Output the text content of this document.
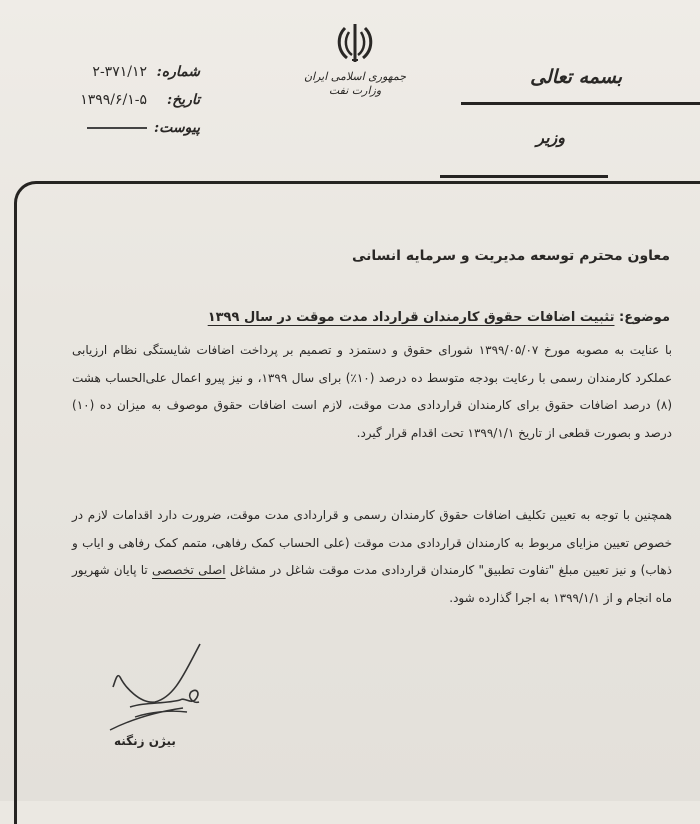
بسمه تعالی
وزیر
جمهوری اسلامی ایران
وزارت نفت
شماره:
۲-۳۷۱/۱۲
تاریخ:
۱۳۹۹/۶/۱-۵
پیوست:
معاون محترم توسعه مدیریت و سرمایه انسانی
موضوع: تثبیت اضافات حقوق کارمندان قرارداد مدت موقت در سال ۱۳۹۹
با عنایت به مصوبه مورخ ۱۳۹۹/۰۵/۰۷ شورای حقوق و دستمزد و تصمیم بر پرداخت اضافات شایستگی نظام ارزیابی عملکرد کارمندان رسمی با رعایت بودجه متوسط ده درصد (۱۰٪) برای سال ۱۳۹۹، و نیز پیرو اعمال علی‌الحساب هشت (۸) درصد اضافات حقوق برای کارمندان قراردادی مدت موقت، لازم است اضافات حقوق موصوف به میزان ده (۱۰) درصد و بصورت قطعی از تاریخ ۱۳۹۹/۱/۱ تحت اقدام قرار گیرد.
همچنین با توجه به تعیین تکلیف اضافات حقوق کارمندان رسمی و قراردادی مدت موقت، ضرورت دارد اقدامات لازم در خصوص تعیین مزایای مربوط به کارمندان قراردادی مدت موقت (علی الحساب کمک رفاهی، متمم کمک رفاهی و ایاب و ذهاب) و نیز تعیین مبلغ "تفاوت تطبیق" کارمندان قراردادی مدت موقت شاغل در مشاغل اصلی تخصصی تا پایان شهریور ماه انجام و از ۱۳۹۹/۱/۱ به اجرا گذارده شود.
بیژن زنگنه
